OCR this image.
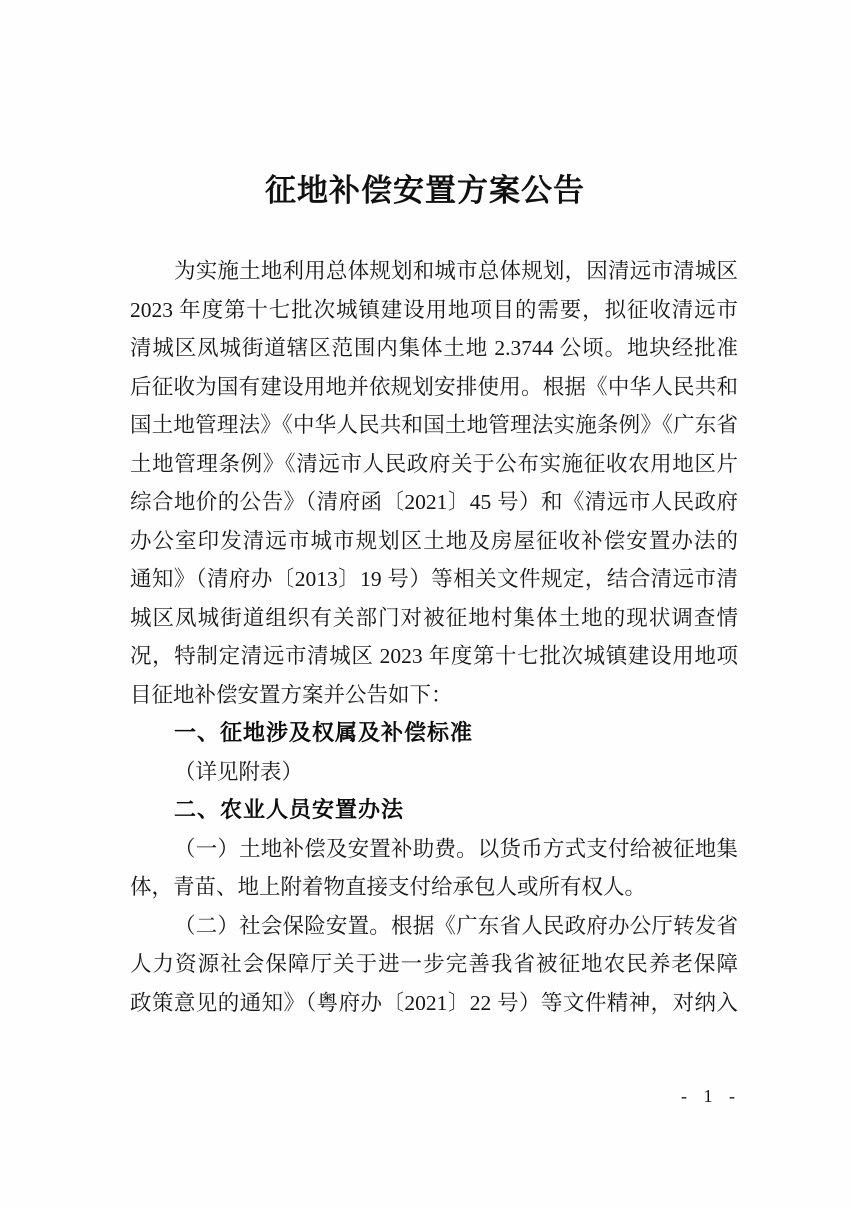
征地补偿安置方案公告
为实施土地利用总体规划和城市总体规划，因清远市清城区
2023 年度第十七批次城镇建设用地项目的需要，拟征收清远市
清城区凤城街道辖区范围内集体土地 2.3744 公顷。地块经批准
后征收为国有建设用地并依规划安排使用。根据《中华人民共和
国土地管理法》《中华人民共和国土地管理法实施条例》《广东省
土地管理条例》《清远市人民政府关于公布实施征收农用地区片
综合地价的公告》（清府函〔2021〕45 号）和《清远市人民政府
办公室印发清远市城市规划区土地及房屋征收补偿安置办法的
通知》（清府办〔2013〕19 号）等相关文件规定，结合清远市清
城区凤城街道组织有关部门对被征地村集体土地的现状调查情
况，特制定清远市清城区 2023 年度第十七批次城镇建设用地项
目征地补偿安置方案并公告如下：
一、征地涉及权属及补偿标准
（详见附表）
二、农业人员安置办法
（一）土地补偿及安置补助费。以货币方式支付给被征地集
体，青苗、地上附着物直接支付给承包人或所有权人。
（二）社会保险安置。根据《广东省人民政府办公厅转发省
人力资源社会保障厅关于进一步完善我省被征地农民养老保障
政策意见的通知》（粤府办〔2021〕22 号）等文件精神，对纳入
- 1 -
